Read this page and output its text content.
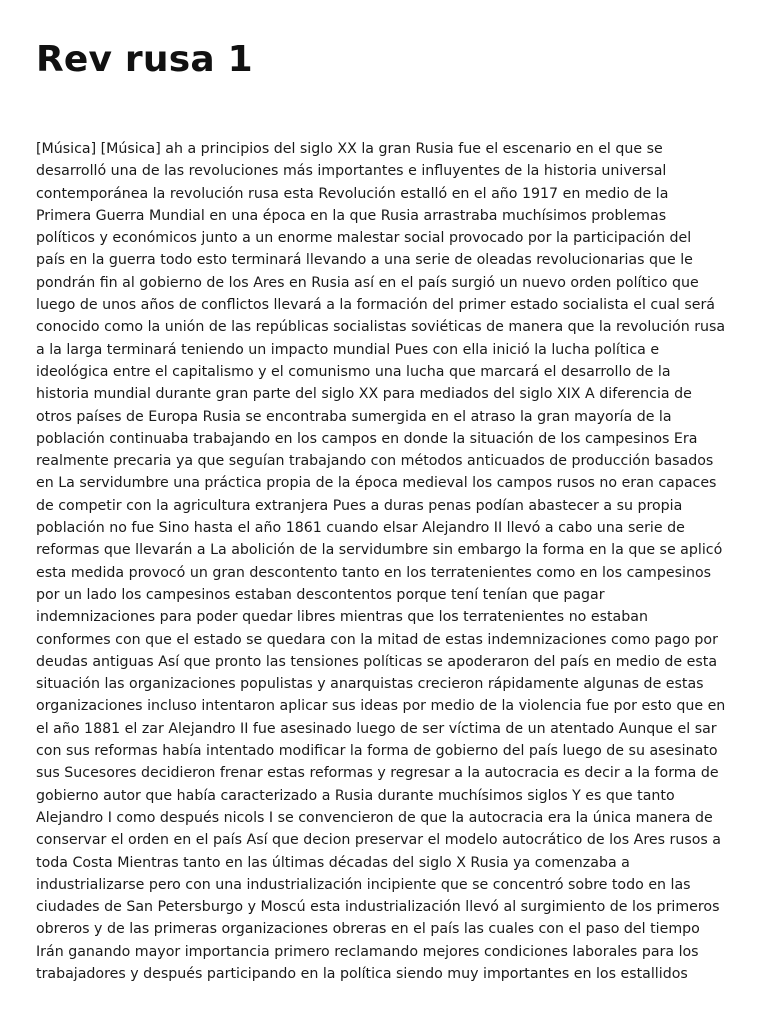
Rev rusa 1
[Música] [Música] ah a principios del siglo XX la gran Rusia fue el escenario en el que se
desarrolló una de las revoluciones más importantes e influyentes de la historia universal
contemporánea la revolución rusa esta Revolución estalló en el año 1917 en medio de la
Primera Guerra Mundial en una época en la que Rusia arrastraba muchísimos problemas
políticos y económicos junto a un enorme malestar social provocado por la participación del
país en la guerra todo esto terminará llevando a una serie de oleadas revolucionarias que le
pondrán fin al gobierno de los Ares en Rusia así en el país surgió un nuevo orden político que
luego de unos años de conflictos llevará a la formación del primer estado socialista el cual será
conocido como la unión de las repúblicas socialistas soviéticas de manera que la revolución rusa
a la larga terminará teniendo un impacto mundial Pues con ella inició la lucha política e
ideológica entre el capitalismo y el comunismo una lucha que marcará el desarrollo de la
historia mundial durante gran parte del siglo XX para mediados del siglo XIX A diferencia de
otros países de Europa Rusia se encontraba sumergida en el atraso la gran mayoría de la
población continuaba trabajando en los campos en donde la situación de los campesinos Era
realmente precaria ya que seguían trabajando con métodos anticuados de producción basados
en La servidumbre una práctica propia de la época medieval los campos rusos no eran capaces
de competir con la agricultura extranjera Pues a duras penas podían abastecer a su propia
población no fue Sino hasta el año 1861 cuando elsar Alejandro II llevó a cabo una serie de
reformas que llevarán a La abolición de la servidumbre sin embargo la forma en la que se aplicó
esta medida provocó un gran descontento tanto en los terratenientes como en los campesinos
por un lado los campesinos estaban descontentos porque tení tenían que pagar
indemnizaciones para poder quedar libres mientras que los terratenientes no estaban
conformes con que el estado se quedara con la mitad de estas indemnizaciones como pago por
deudas antiguas Así que pronto las tensiones políticas se apoderaron del país en medio de esta
situación las organizaciones populistas y anarquistas crecieron rápidamente algunas de estas
organizaciones incluso intentaron aplicar sus ideas por medio de la violencia fue por esto que en
el año 1881 el zar Alejandro II fue asesinado luego de ser víctima de un atentado Aunque el sar
con sus reformas había intentado modificar la forma de gobierno del país luego de su asesinato
sus Sucesores decidieron frenar estas reformas y regresar a la autocracia es decir a la forma de
gobierno autor que había caracterizado a Rusia durante muchísimos siglos Y es que tanto
Alejandro I como después nicols I se convencieron de que la autocracia era la única manera de
conservar el orden en el país Así que decion preservar el modelo autocrático de los Ares rusos a
toda Costa Mientras tanto en las últimas décadas del siglo X Rusia ya comenzaba a
industrializarse pero con una industrialización incipiente que se concentró sobre todo en las
ciudades de San Petersburgo y Moscú esta industrialización llevó al surgimiento de los primeros
obreros y de las primeras organizaciones obreras en el país las cuales con el paso del tiempo
Irán ganando mayor importancia primero reclamando mejores condiciones laborales para los
trabajadores y después participando en la política siendo muy importantes en los estallidos
